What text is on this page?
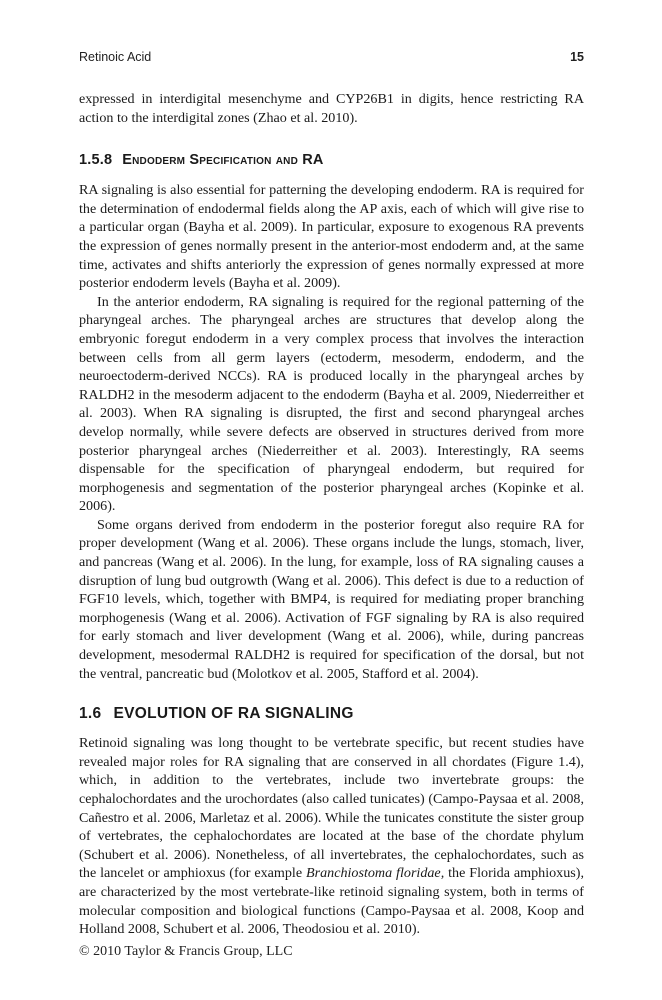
Retinoic Acid	15

expressed in interdigital mesenchyme and CYP26B1 in digits, hence restricting RA action to the interdigital zones (Zhao et al. 2010).

1.5.8 Endoderm Specification and RA

RA signaling is also essential for patterning the developing endoderm. RA is required for the determination of endodermal fields along the AP axis, each of which will give rise to a particular organ (Bayha et al. 2009). In particular, exposure to exogenous RA prevents the expression of genes normally present in the anterior-most endoderm and, at the same time, activates and shifts anteriorly the expression of genes normally expressed at more posterior endoderm levels (Bayha et al. 2009).

In the anterior endoderm, RA signaling is required for the regional patterning of the pharyngeal arches. The pharyngeal arches are structures that develop along the embryonic foregut endoderm in a very complex process that involves the interaction between cells from all germ layers (ectoderm, mesoderm, endoderm, and the neuroectoderm-derived NCCs). RA is produced locally in the pharyngeal arches by RALDH2 in the mesoderm adjacent to the endoderm (Bayha et al. 2009, Niederreither et al. 2003). When RA signaling is disrupted, the first and second pharyngeal arches develop normally, while severe defects are observed in structures derived from more posterior pharyngeal arches (Niederreither et al. 2003). Interestingly, RA seems dispensable for the specification of pharyngeal endoderm, but required for morphogenesis and segmentation of the posterior pharyngeal arches (Kopinke et al. 2006).

Some organs derived from endoderm in the posterior foregut also require RA for proper development (Wang et al. 2006). These organs include the lungs, stomach, liver, and pancreas (Wang et al. 2006). In the lung, for example, loss of RA signaling causes a disruption of lung bud outgrowth (Wang et al. 2006). This defect is due to a reduction of FGF10 levels, which, together with BMP4, is required for mediating proper branching morphogenesis (Wang et al. 2006). Activation of FGF signaling by RA is also required for early stomach and liver development (Wang et al. 2006), while, during pancreas development, mesodermal RALDH2 is required for specification of the dorsal, but not the ventral, pancreatic bud (Molotkov et al. 2005, Stafford et al. 2004).

1.6 EVOLUTION OF RA SIGNALING

Retinoid signaling was long thought to be vertebrate specific, but recent studies have revealed major roles for RA signaling that are conserved in all chordates (Figure 1.4), which, in addition to the vertebrates, include two invertebrate groups: the cephalochordates and the urochordates (also called tunicates) (Campo-Paysaa et al. 2008, Cañestro et al. 2006, Marletaz et al. 2006). While the tunicates constitute the sister group of vertebrates, the cephalochordates are located at the base of the chordate phylum (Schubert et al. 2006). Nonetheless, of all invertebrates, the cephalochordates, such as the lancelet or amphioxus (for example Branchiostoma floridae, the Florida amphioxus), are characterized by the most vertebrate-like retinoid signaling system, both in terms of molecular composition and biological functions (Campo-Paysaa et al. 2008, Koop and Holland 2008, Schubert et al. 2006, Theodosiou et al. 2010).

© 2010 Taylor & Francis Group, LLC
